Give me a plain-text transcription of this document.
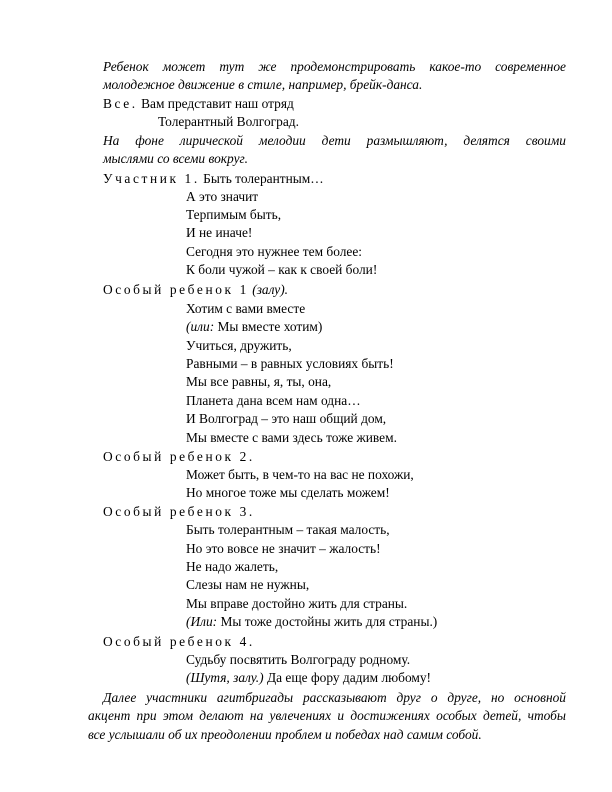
Ребенок может тут же продемонстрировать какое-то современное
молодежное движение в стиле, например, брейк-данса.
Все. Вам представит наш отряд
Толерантный Волгоград.
На фоне лирической мелодии дети размышляют, делятся своими
мыслями со всеми вокруг.
Участник 1. Быть толерантным…
А это значит
Терпимым быть,
И не иначе!
Сегодня это нужнее тем более:
К боли чужой – как к своей боли!
Особый ребенок 1 (залу).
Хотим с вами вместе
(или: Мы вместе хотим)
Учиться, дружить,
Равными – в равных условиях быть!
Мы все равны, я, ты, она,
Планета дана всем нам одна…
И Волгоград – это наш общий дом,
Мы вместе с вами здесь тоже живем.
Особый ребенок 2.
Может быть, в чем-то на вас не похожи,
Но многое тоже мы сделать можем!
Особый ребенок 3.
Быть толерантным – такая малость,
Но это вовсе не значит – жалость!
Не надо жалеть,
Слезы нам не нужны,
Мы вправе достойно жить для страны.
(Или: Мы тоже достойны жить для страны.)
Особый ребенок 4.
Судьбу посвятить Волгограду родному.
(Шутя, залу.) Да еще фору дадим любому!
Далее участники агитбригады рассказывают друг о друге, но основной
акцент при этом делают на увлечениях и достижениях особых детей, чтобы
все услышали об их преодолении проблем и победах над самим собой.
